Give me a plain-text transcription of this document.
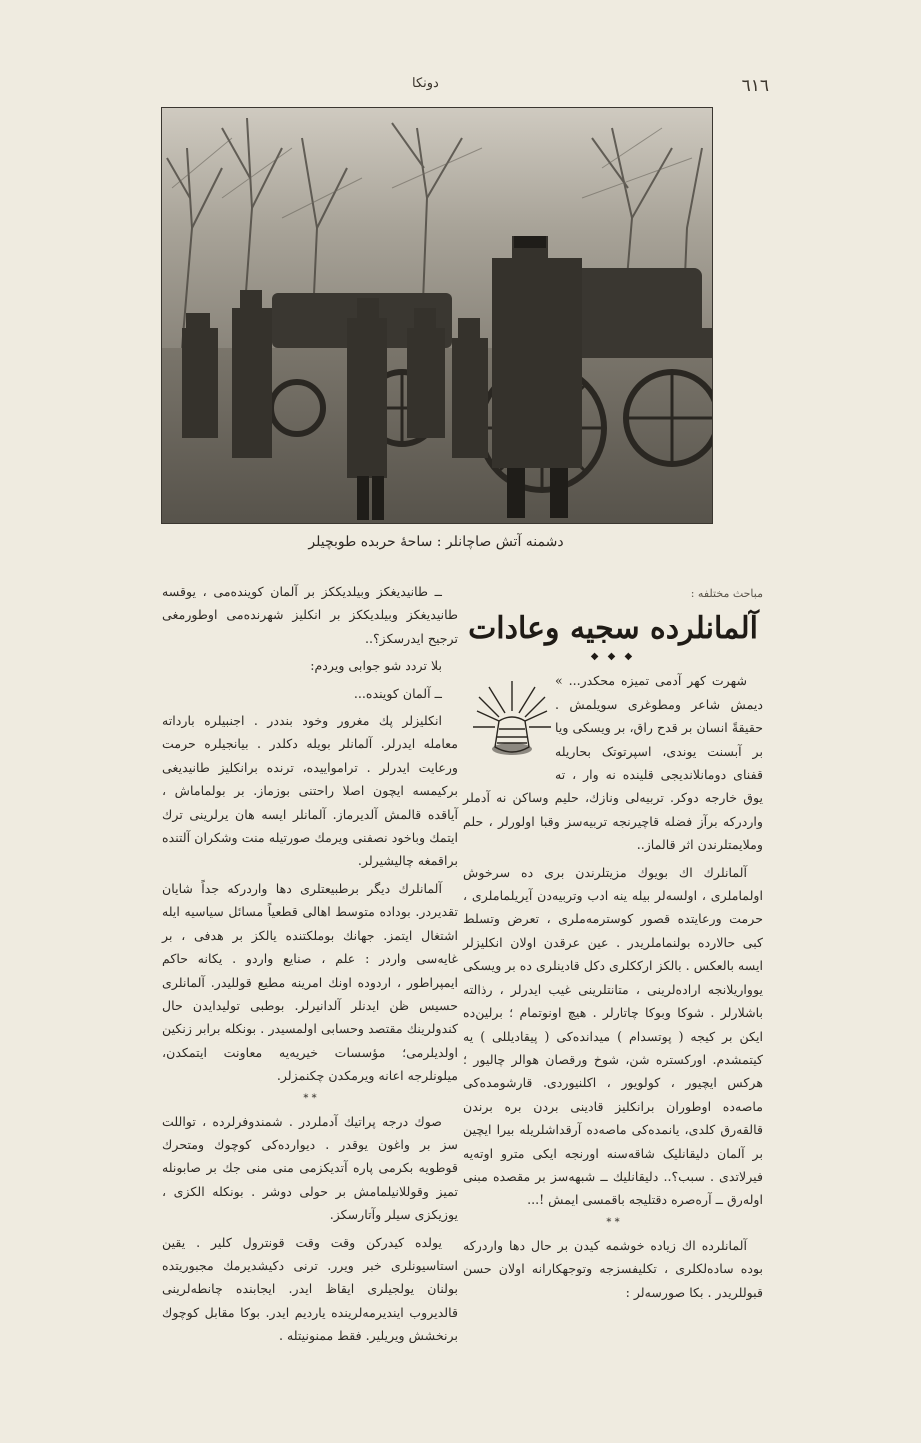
٦١٦
دونكا
دشمنه آتش صاچانلر : ساحهٔ حربده طوبچیلر

مباحث مختلفه :

آلمانلرده سجیه وعادات
◆ ◆ ◆

شهرت کهر آدمی تمیزه محکدر... » دیمش شاعر ومطوغری سویلمش . حقیقةً انسان بر قدح راق، بر ویسکی ویا بر آبسنت یوندی، اسپرتوتک بحاریله قفنای دومانلاندیجی قلینده نه وار ، ته یوق خارجه دوکر. تربیه‌لی ونازك، حلیم وساکن نه آدملر واردرکه برآز فضله قاچیرنجه تربیه‌سز وقبا اولورلر ، حلم وملایمتلرندن اثر قالماز..

آلمانلرك اك بویوك مزیتلرندن بری ده سرخوش اولماملری ، اولسه‌لر بیله ینه ادب وتربیه‌دن آیریلماملری ، حرمت ورعایتده قصور کوسترمه‌ملری ، تعرض وتسلط کبی حالارده بولنماملریدر . عین عرقدن اولان انکلیزلر ایسه بالعکس . بالکز ارککلری دکل قادینلری ده بر ویسکی یوواریلانجه اراده‌لرینی ، متانتلرینی غیب ایدرلر ، رذالته باشلارلر . شوکا وبوکا چاتارلر . هیچ اونوتمام ؛ برلین‌ده ایکن بر کیجه ( پوتسدام ) میدانده‌کی ( پیقادیللی ) یه کیتمشدم. اورکستره شن، شوخ ورقصان هوالر چالیور ؛ هرکس ایچیور ، کولویور ، اکلنیوردی. قارشومده‌کی ماصه‌ده اوطوران برانکلیز قادینی بردن بره برندن قالقه‌رق کلدی، یانمده‌کی ماصه‌ده آرقداشلریله بیرا ایچین بر آلمان دلیقانلیک شاقه‌سنه اورنجه ایکی مترو اوته‌یه فیرلاتدی . سبب؟.. دلیقانلیك ــ شبهه‌سز بر مقصده مبنی اوله‌رق ــ آره‌صره دقتلیجه باقمسی ایمش !...

* *

آلمانلرده اك زیاده خوشمه کیدن بر حال دها واردرکه بوده ساده‌لکلری ، تکلیفسزجه وتوجهکارانه اولان حسن قبوللریدر . بکا صورسه‌لر :

ــ طانیدیغکز وبیلدیککز بر آلمان کوینده‌می ، یوقسه طانیدیغکز وبیلدیککز بر انکلیز شهرنده‌می اوطورمغی ترجیح ایدرسکز؟..

بلا تردد شو جوابی ویردم:

ــ آلمان کوینده...

انکلیزلر پك مغرور وخود بنددر . اجنبیلره بارداته معامله ایدرلر. آلمانلر بویله دکلدر . بیانجیلره حرمت ورعایت ایدرلر . ترامواییده، ترنده برانکلیز طانیدیغی برکیمسه ایچون اصلا راحتنی بوزماز. بر بولماماش ، آیاقده قالمش آلدیرماز. آلمانلر ایسه هان یرلرینی ترك ایتمك وباخود نصفنی ویرمك صورتیله منت وشکران آلتنده براقمغه چالیشیرلر.

آلمانلرك دیگر برطبیعتلری دها واردرکه جداً شایان تقدیردر. بوداده متوسط اهالی قطعیاً مسائل سیاسیه ایله اشتغال ایتمز. جهانك بوملکتنده یالکز بر هدفی ، بر غایه‌سی واردر : علم ، صنایع واردو . یکانه حاکم ایمپراطور ، اردوده اونك امرینه مطیع قوللیدر. آلمانلری حسیس ظن ایدنلر آلدانیرلر. بوطبی تولیدایدن حال کندولرینك مقتصد وحسابی اولمسیدر . بونکله برابر زنکین اولدیلرمی؛ مؤسسات خیریه‌یه معاونت ایتمکدن، میلونلرجه اعانه ویرمکدن چکنمزلر.

* *

صوك درجه پراتیك آدملردر . شمندوفرلرده ، تواللت سز بر واغون یوقدر . دیوارده‌کی کوچوك ومتحرك قوطویه بکرمی پاره آتدیکزمی منی منی جك بر صابونله تمیز وقوللانیلمامش بر حولی دوشر . بونکله الکزی ، یوزیکزی سیلر وآتارسکز.

یولده کیدرکن وقت وقت قونترول کلیر . یقین استاسیونلری خبر ویرر. ترنی دکیشدیرمك مجبوریتده بولنان یولجیلری ایقاظ ایدر. ایجابنده چانطه‌لرینی قالدیروب ایندیرمه‌لرینده یاردیم ایدر. بوکا مقابل کوچوك برنخشش ویریلیر. فقط ممنونیتله .
